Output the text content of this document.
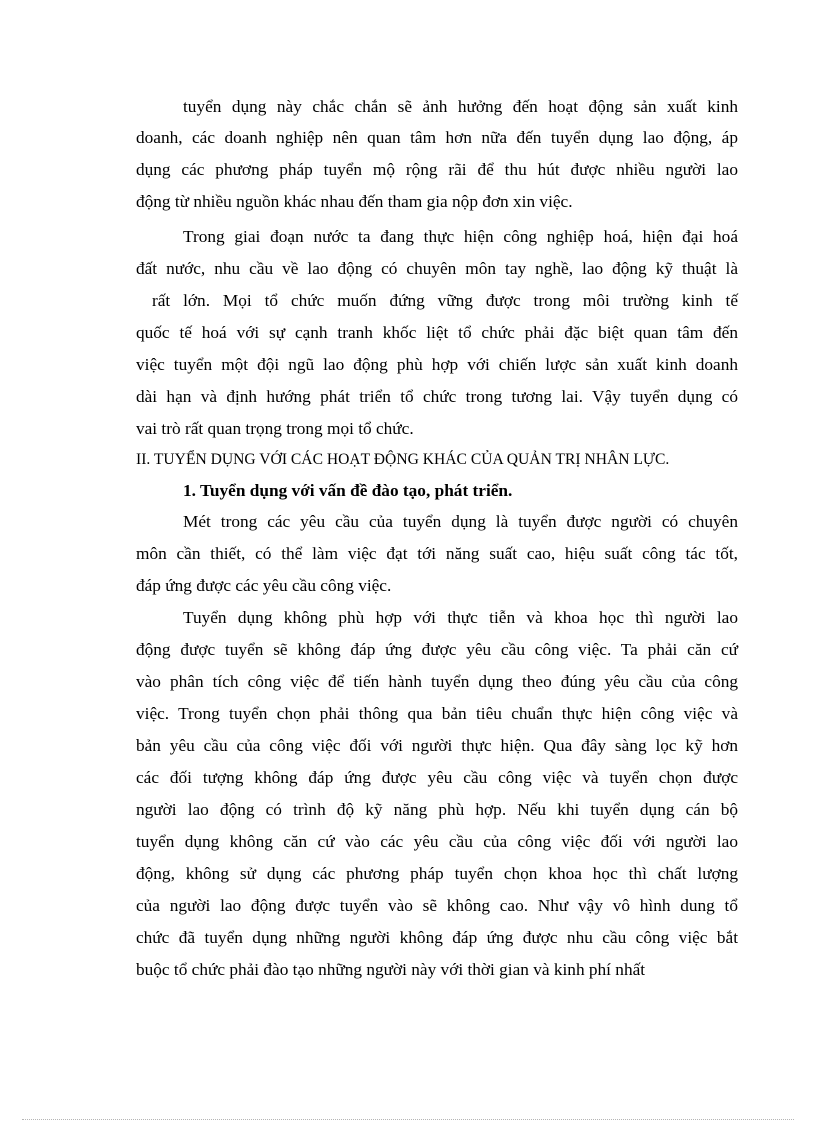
tuyển dụng này chắc chắn sẽ ảnh hưởng đến hoạt động sản xuất kinh
doanh, các doanh nghiệp nên quan tâm hơn nữa đến tuyển dụng lao động, áp
dụng các phương pháp tuyển mộ rộng rãi để thu hút được nhiều người lao
động từ nhiều nguồn khác nhau đến tham gia nộp đơn xin việc.
Trong giai đoạn nước ta đang thực hiện công nghiệp hoá, hiện đại hoá
đất nước, nhu cầu về lao động có chuyên môn tay nghề, lao động kỹ thuật là
rất lớn. Mọi tổ chức muốn đứng vững được trong môi trường kinh tế
quốc tế hoá với sự cạnh tranh khốc liệt tổ chức phải đặc biệt quan tâm đến
việc tuyển một đội ngũ lao động phù hợp với chiến lược sản xuất kinh doanh
dài hạn và định hướng phát triển tổ chức trong tương lai. Vậy tuyển dụng có
vai trò rất quan trọng trong mọi tổ chức.
II. TUYỂN DỤNG VỚI CÁC HOẠT ĐỘNG KHÁC CỦA QUẢN TRỊ NHÂN LỰC.
1. Tuyển dụng với vấn đề đào tạo, phát triển.
Mét trong các yêu cầu của tuyển dụng là tuyển được người có chuyên
môn cần thiết, có thể làm việc đạt tới năng suất cao, hiệu suất công tác tốt,
đáp ứng được các yêu cầu công việc.
Tuyển dụng không phù hợp với thực tiễn và khoa học thì người lao
động được tuyển sẽ không đáp ứng được yêu cầu công việc. Ta phải căn cứ
vào phân tích công việc để tiến hành tuyển dụng theo đúng yêu cầu của công
việc. Trong tuyển chọn phải thông qua bản tiêu chuẩn thực hiện công việc và
bản yêu cầu của công việc đối với người thực hiện. Qua đây sàng lọc kỹ hơn
các đối tượng không đáp ứng được yêu cầu công việc và tuyển chọn được
người lao động có trình độ kỹ năng phù hợp. Nếu khi tuyển dụng cán bộ
tuyển dụng không căn cứ vào các yêu cầu của công việc đối với người lao
động, không sử dụng các phương pháp tuyển chọn khoa học thì chất lượng
của người lao động được tuyển vào sẽ không cao. Như vậy vô hình dung tổ
chức đã tuyển dụng những người không đáp ứng được nhu cầu công việc bắt
buộc tổ chức phải đào tạo những người này với thời gian và kinh phí nhất
